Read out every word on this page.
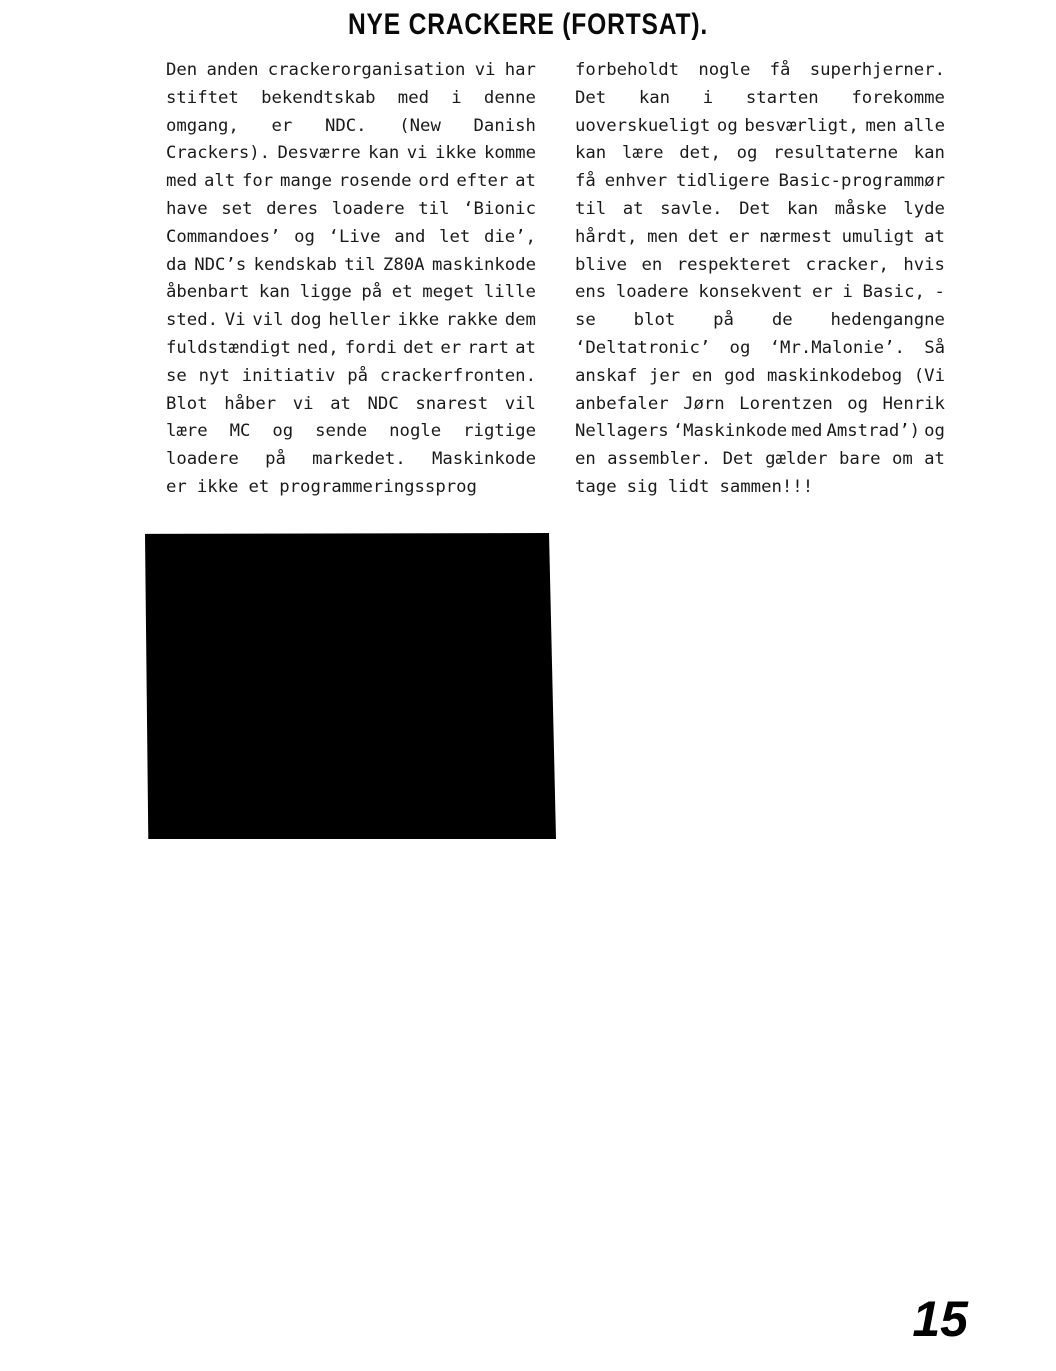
NYE CRACKERE (FORTSAT).
Den anden crackerorganisation vi har
stiftet bekendtskab med i denne
omgang, er NDC. (New Danish
Crackers). Desværre kan vi ikke komme
med alt for mange rosende ord efter at
have set deres loadere til ‘Bionic
Commandoes’ og ‘Live and let die’,
da NDC’s kendskab til Z80A maskinkode
åbenbart kan ligge på et meget lille
sted. Vi vil dog heller ikke rakke dem
fuldstændigt ned, fordi det er rart at
se nyt initiativ på crackerfronten.
Blot håber vi at NDC snarest vil
lære MC og sende nogle rigtige
loadere på markedet. Maskinkode
er ikke et programmeringssprog
forbeholdt nogle få superhjerner.
Det kan i starten forekomme
uoverskueligt og besværligt, men alle
kan lære det, og resultaterne kan
få enhver tidligere Basic-programmør
til at savle. Det kan måske lyde
hårdt, men det er nærmest umuligt at
blive en respekteret cracker, hvis
ens loadere konsekvent er i Basic, -
se blot på de hedengangne
‘Deltatronic’ og ‘Mr.Malonie’. Så
anskaf jer en god maskinkodebog (Vi
anbefaler Jørn Lorentzen og Henrik
Nellagers ‘Maskinkode med Amstrad’) og
en assembler. Det gælder bare om at
tage sig lidt sammen!!!
15
